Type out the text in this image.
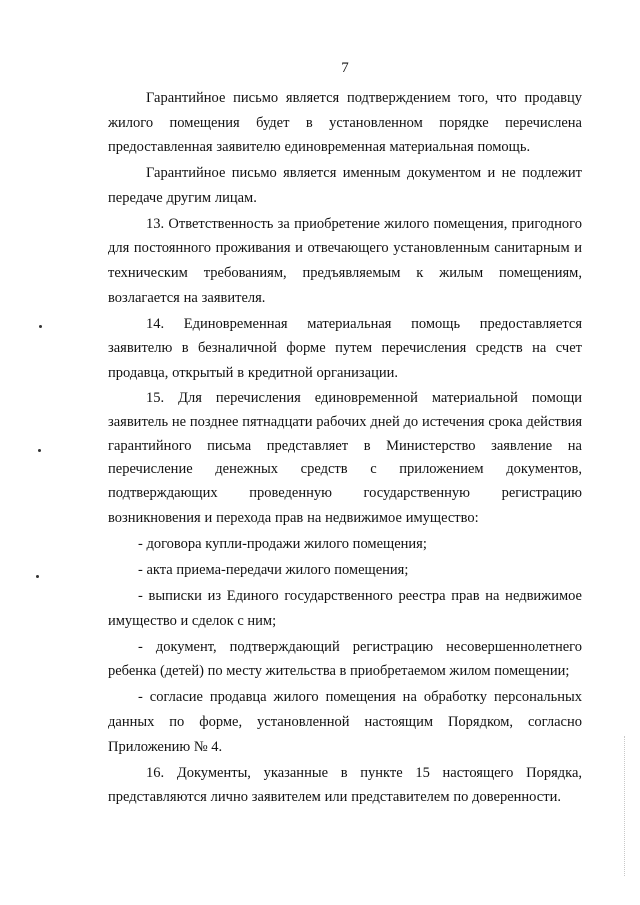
7

Гарантийное письмо является подтверждением того, что продавцу жилого помещения будет в установленном порядке перечислена предоставленная заявителю единовременная материальная помощь.

Гарантийное письмо является именным документом и не подлежит передаче другим лицам.

13. Ответственность за приобретение жилого помещения, пригодного для постоянного проживания и отвечающего установленным санитарным и техническим требованиям, предъявляемым к жилым помещениям, возлагается на заявителя.

14. Единовременная материальная помощь предоставляется заявителю в безналичной форме путем перечисления средств на счет продавца, открытый в кредитной организации.

15. Для перечисления единовременной материальной помощи заявитель не позднее пятнадцати рабочих дней до истечения срока действия гарантийного письма представляет в Министерство заявление на перечисление денежных средств с приложением документов, подтверждающих проведенную государственную регистрацию

возникновения и перехода прав на недвижимое имущество:

- договора купли-продажи жилого помещения;

- акта приема-передачи жилого помещения;

- выписки из Единого государственного реестра прав на недвижимое имущество и сделок с ним;

- документ, подтверждающий регистрацию несовершеннолетнего ребенка (детей) по месту жительства в приобретаемом жилом помещении;

- согласие продавца жилого помещения на обработку персональных данных по форме, установленной настоящим Порядком, согласно Приложению № 4.

16. Документы, указанные в пункте 15 настоящего Порядка, представляются лично заявителем или представителем по доверенности.
